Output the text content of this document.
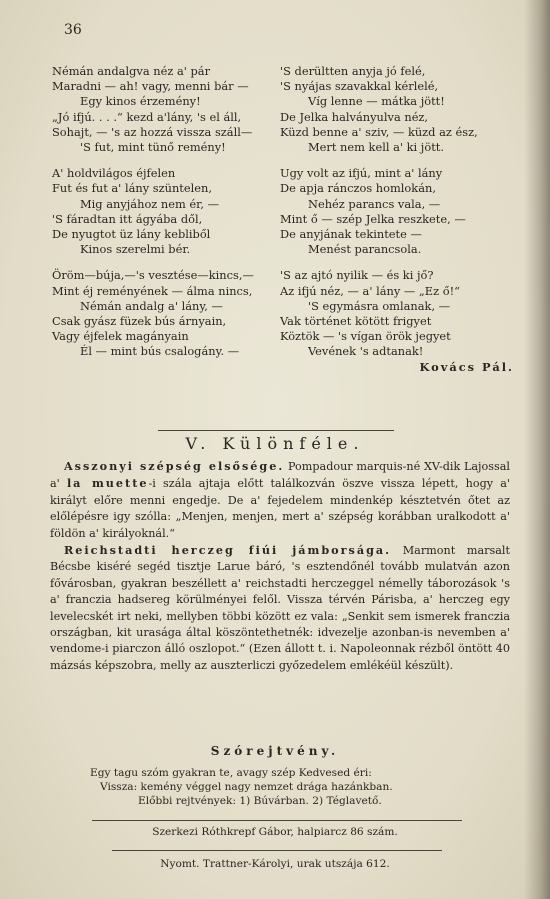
36
Némán andalgva néz a' pár
Maradni — ah! vagy, menni bár —
Egy kinos érzemény!
„Jó ifjú. . . .“ kezd a'lány, 's el áll,
Sohajt, — 's az hozzá vissza száll—
'S fut, mint tünő remény!
A' holdvilágos éjfelen
Fut és fut a' lány szüntelen,
Mig anyjához nem ér, —
'S fáradtan itt ágyába dől,
De nyugtot üz lány kebliből
Kinos szerelmi bér.
Öröm—búja,—'s vesztése—kincs,—
Mint éj reményének — álma nincs,
Némán andalg a' lány, —
Csak gyász füzek bús árnyain,
Vagy éjfelek magányain
Él — mint bús csalogány. —
'S derültten anyja jó felé,
'S nyájas szavakkal kérlelé,
Víg lenne — mátka jött!
De Jelka halványulva néz,
Küzd benne a' sziv, — küzd az ész,
Mert nem kell a' ki jött.
Ugy volt az ifjú, mint a' lány
De apja ránczos homlokán,
Nehéz parancs vala, —
Mint ő — szép Jelka reszkete, —
De anyjának tekintete —
Menést parancsola.
'S az ajtó nyilik — és ki jő?
Az ifjú néz, — a' lány — „Ez ő!“
'S egymásra omlanak, —
Vak történet kötött frigyet
Köztök — 's vígan örök jegyet
Vevének 's adtanak!
Kovács Pál.
V. Különféle.

Asszonyi szépség elsősége. Pompadour marquis-né XV-dik Lajossal a' la muette-i szála ajtaja előtt találkozván öszve vissza lépett, hogy a' királyt előre menni engedje. De a' fejedelem mindenkép késztetvén őtet az előlépésre igy szólla: „Menjen, menjen, mert a' szépség korábban uralkodott a' földön a' királyoknál.“

Reichstadti herczeg fiúi jámborsága. Marmont marsalt Bécsbe kiséré segéd tisztje Larue báró, 's esztendőnél tovább mulatván azon fővárosban, gyakran beszéllett a' reichstadti herczeggel némelly táborozások 's a' franczia hadsereg körülményei felől. Vissza térvén Párisba, a' herczeg egy levelecskét irt neki, mellyben többi között ez vala: „Senkit sem ismerek franczia országban, kit urasága által köszöntethetnék: idvezelje azonban-is nevemben a' vendome-i piarczon álló oszlopot.“ (Ezen állott t. i. Napoleonnak rézből öntött 40 mázsás képszobra, melly az auszterliczi győzedelem emlékéül készült).

Szórejtvény.
Egy tagu szóm gyakran te, avagy szép Kedvesed éri:
Vissza: kemény véggel nagy nemzet drága hazánkban.
Előbbi rejtvények: 1) Búvárban. 2) Téglavető.
Szerkezi Róthkrepf Gábor, halpiarcz 86 szám.
Nyomt. Trattner-Károlyi, urak utszája 612.
